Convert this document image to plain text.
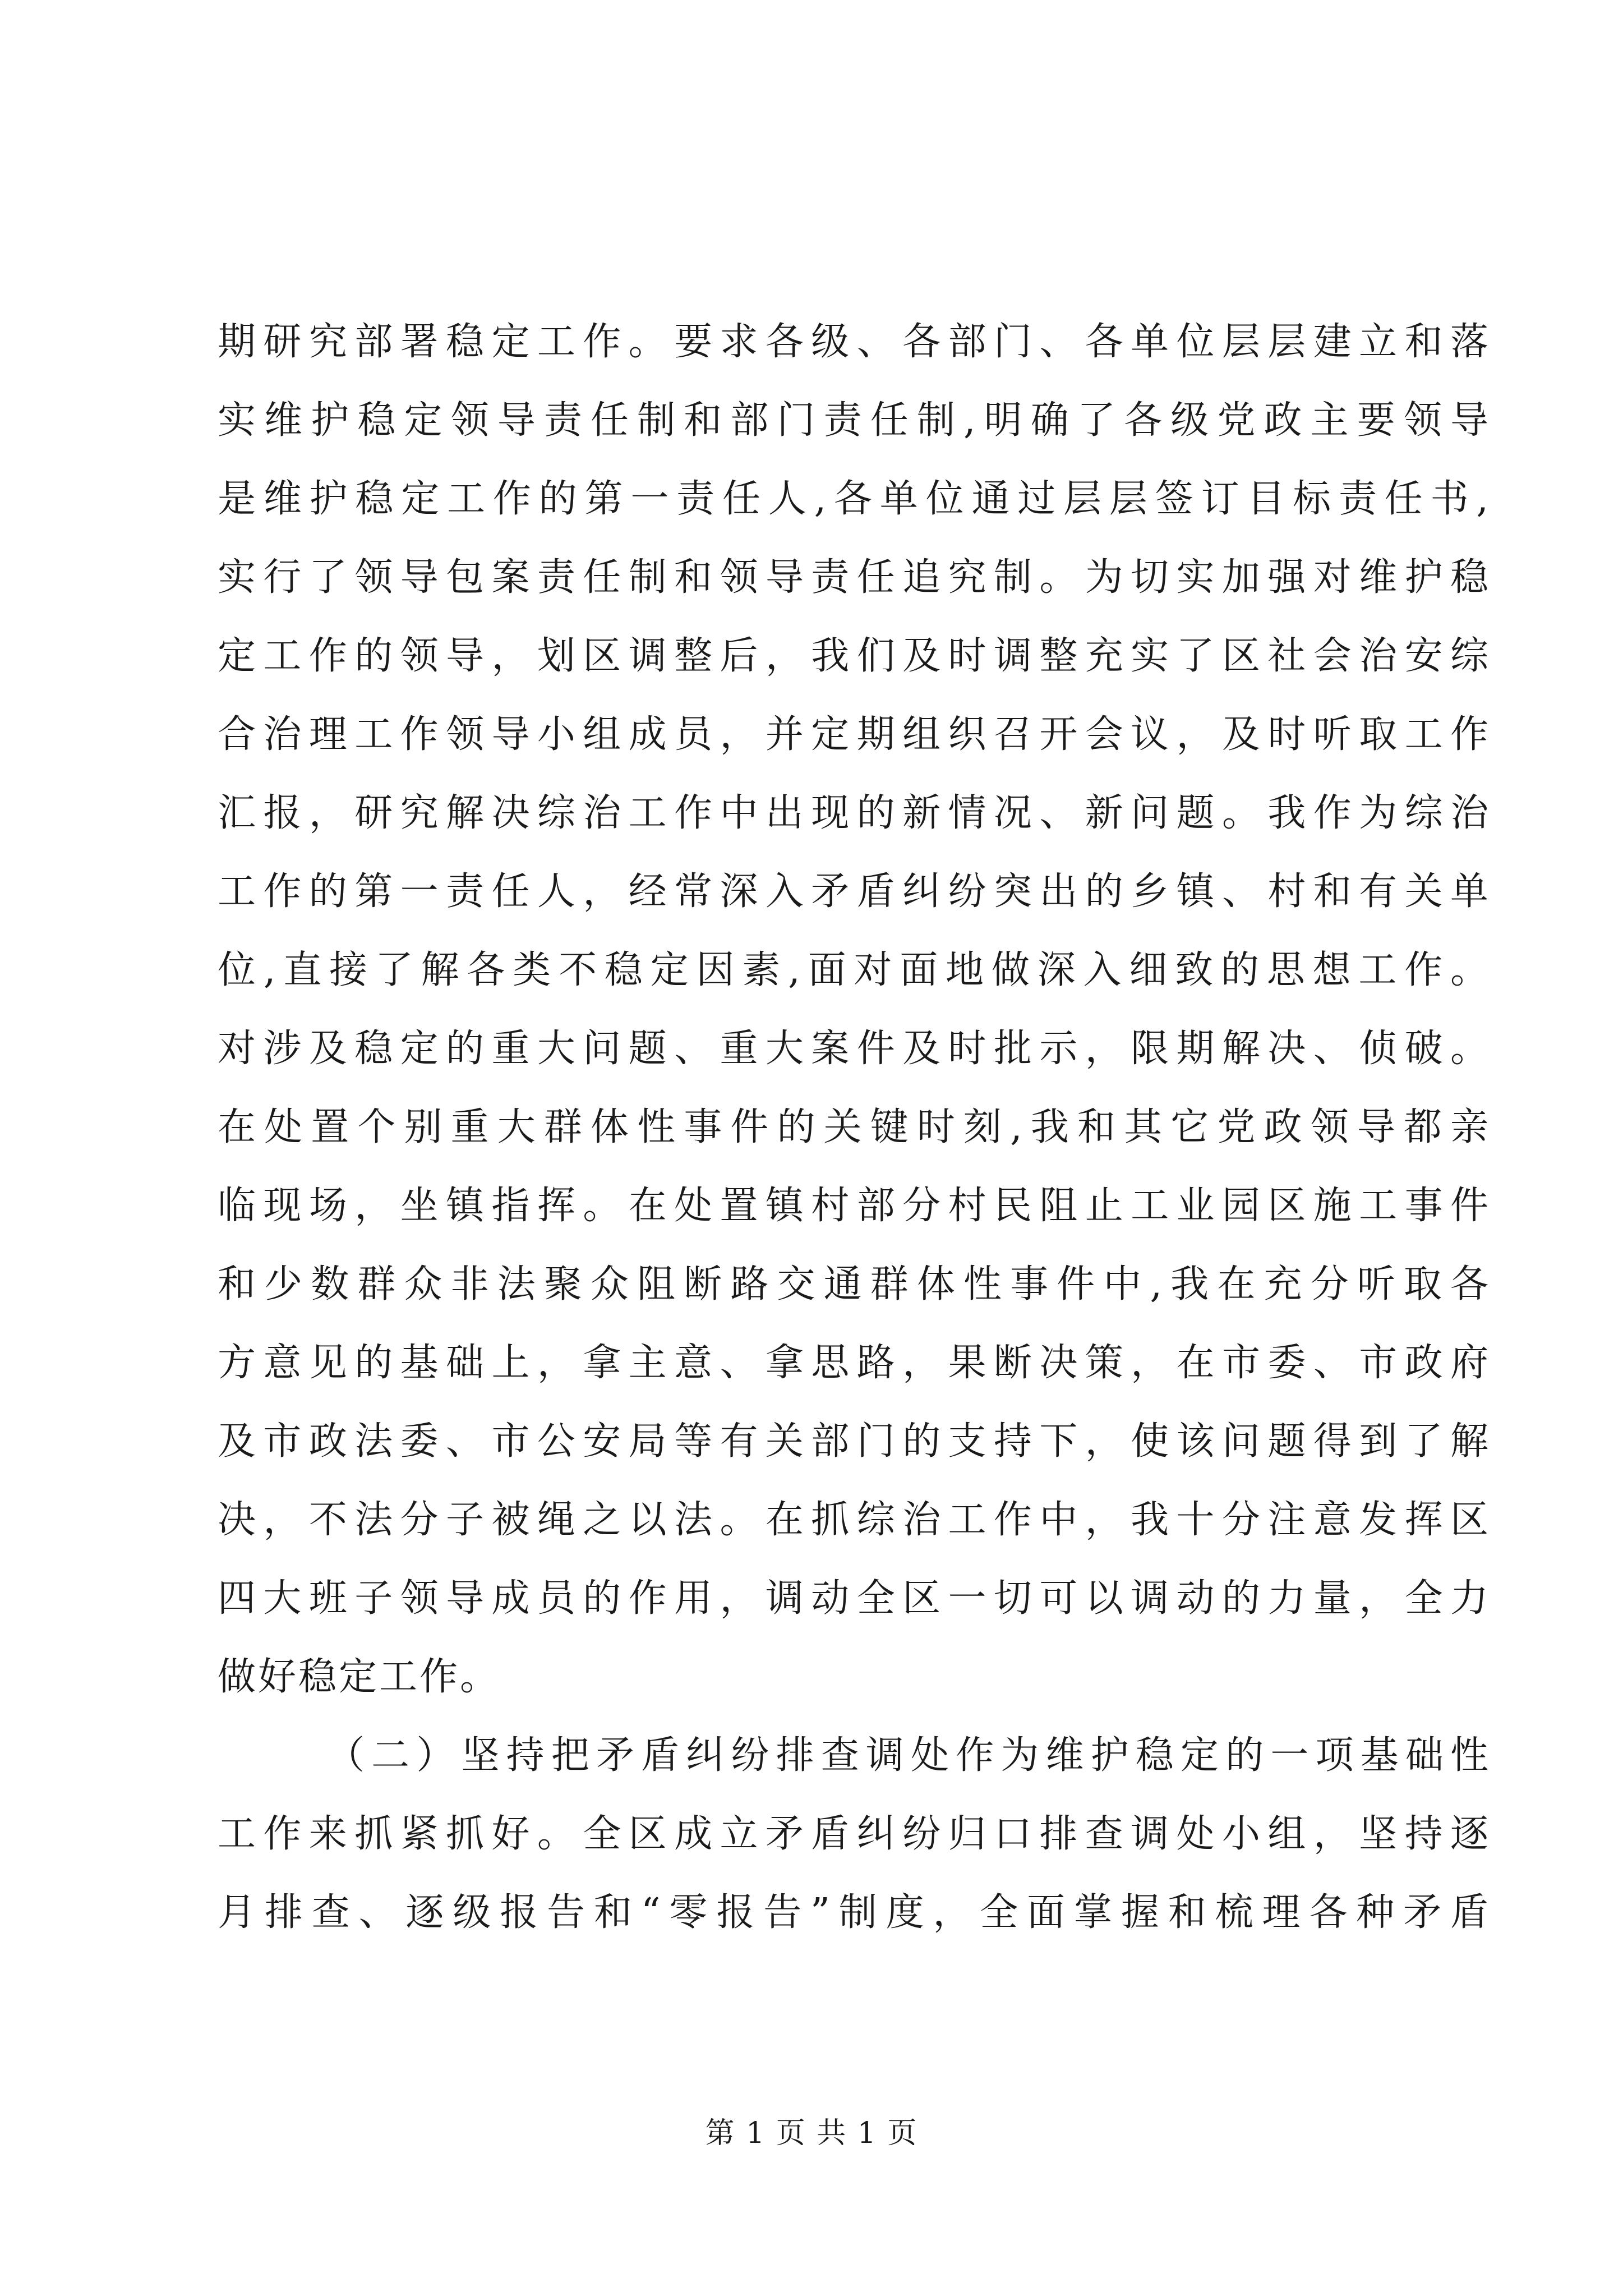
期研究部署稳定工作。要求各级、各部门、各单位层层建立和落
实维护稳定领导责任制和部门责任制,明确了各级党政主要领导
是维护稳定工作的第一责任人,各单位通过层层签订目标责任书,
实行了领导包案责任制和领导责任追究制。为切实加强对维护稳
定工作的领导，划区调整后，我们及时调整充实了区社会治安综
合治理工作领导小组成员，并定期组织召开会议，及时听取工作
汇报，研究解决综治工作中出现的新情况、新问题。我作为综治
工作的第一责任人，经常深入矛盾纠纷突出的乡镇、村和有关单
位,直接了解各类不稳定因素,面对面地做深入细致的思想工作。
对涉及稳定的重大问题、重大案件及时批示，限期解决、侦破。
在处置个别重大群体性事件的关键时刻,我和其它党政领导都亲
临现场，坐镇指挥。在处置镇村部分村民阻止工业园区施工事件
和少数群众非法聚众阻断路交通群体性事件中,我在充分听取各
方意见的基础上，拿主意、拿思路，果断决策，在市委、市政府
及市政法委、市公安局等有关部门的支持下，使该问题得到了解
决，不法分子被绳之以法。在抓综治工作中，我十分注意发挥区
四大班子领导成员的作用，调动全区一切可以调动的力量，全力
做好稳定工作。
（二）坚持把矛盾纠纷排查调处作为维护稳定的一项基础性
工作来抓紧抓好。全区成立矛盾纠纷归口排查调处小组，坚持逐
月排查、逐级报告和“零报告”制度，全面掌握和梳理各种矛盾
第 1 页 共 1 页
